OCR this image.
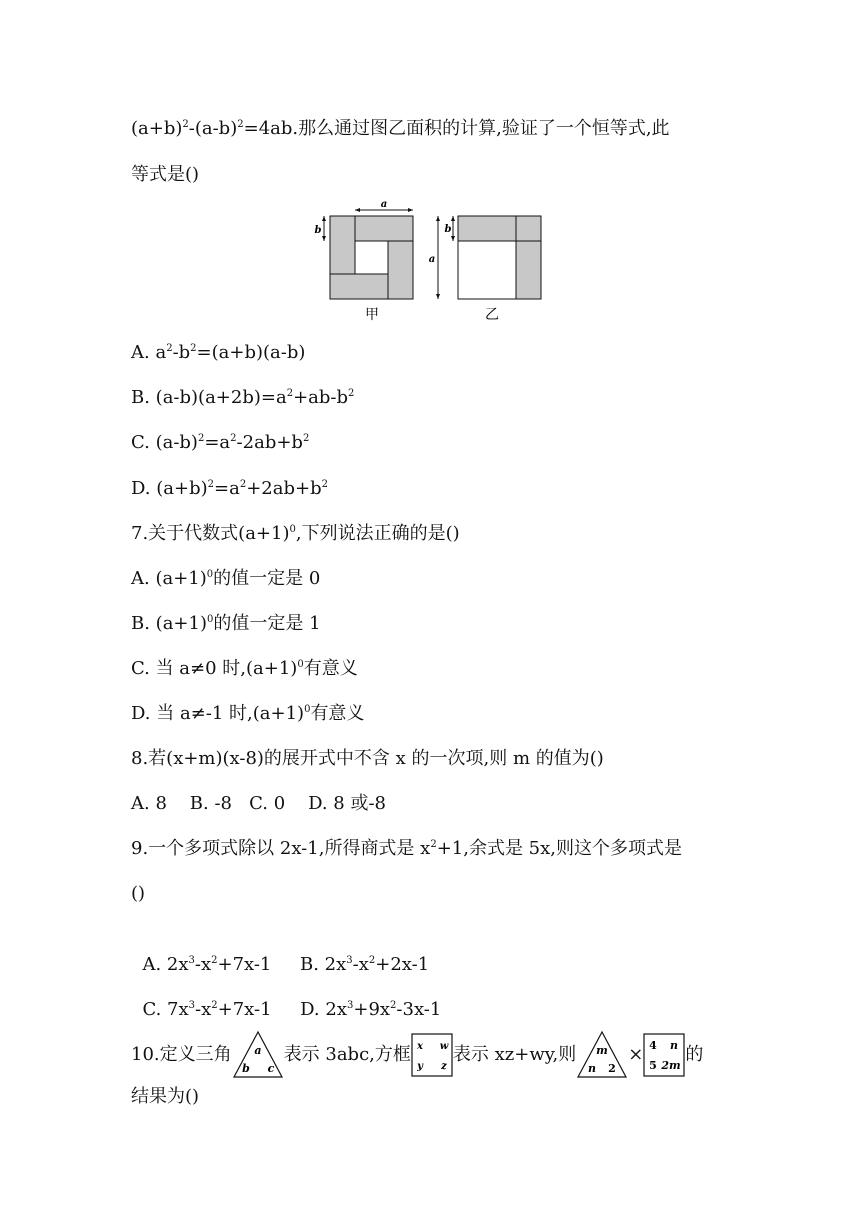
$(a+b)^2-(a-b)^2=4ab$.那么通过图乙面积的计算,验证了一个恒等式,此
等式是()
a
b
a
b
甲	乙
A. $a^2-b^2=(a+b)(a-b)$
B. $(a-b)(a+2b)=a^2+ab-b^2$
C. $(a-b)^2=a^2-2ab+b^2$
D. $(a+b)^2=a^2+2ab+b^2$
7.关于代数式$(a+1)^0$,下列说法正确的是()
A. $(a+1)^0$的值一定是 0
B. $(a+1)^0$的值一定是 1
C. 当 a≠0 时$,(a+1)^0$有意义
D. 当 a≠-1 时$,(a+1)^0$有意义
8.若(x+m)(x-8)的展开式中不含 x 的一次项,则 m 的值为()
A. 8    B. -8   C. 0    D. 8 或-8
9.一个多项式除以 2x-1,所得商式是 $x^2+1$,余式是 5x,则这个多项式是
()

A. $2x^3-x^2+7x-1$     B. $2x^3-x^2+2x-1$

C. $7x^3-x^2+7x-1$     D. $2x^3+9x^2-3x-1$

10.定义三角 a
b c
表示 3abc,方框 x w
y z
表示 xz+wy,则 m
n 2
× 4 n
5 2m
的
结果为()
